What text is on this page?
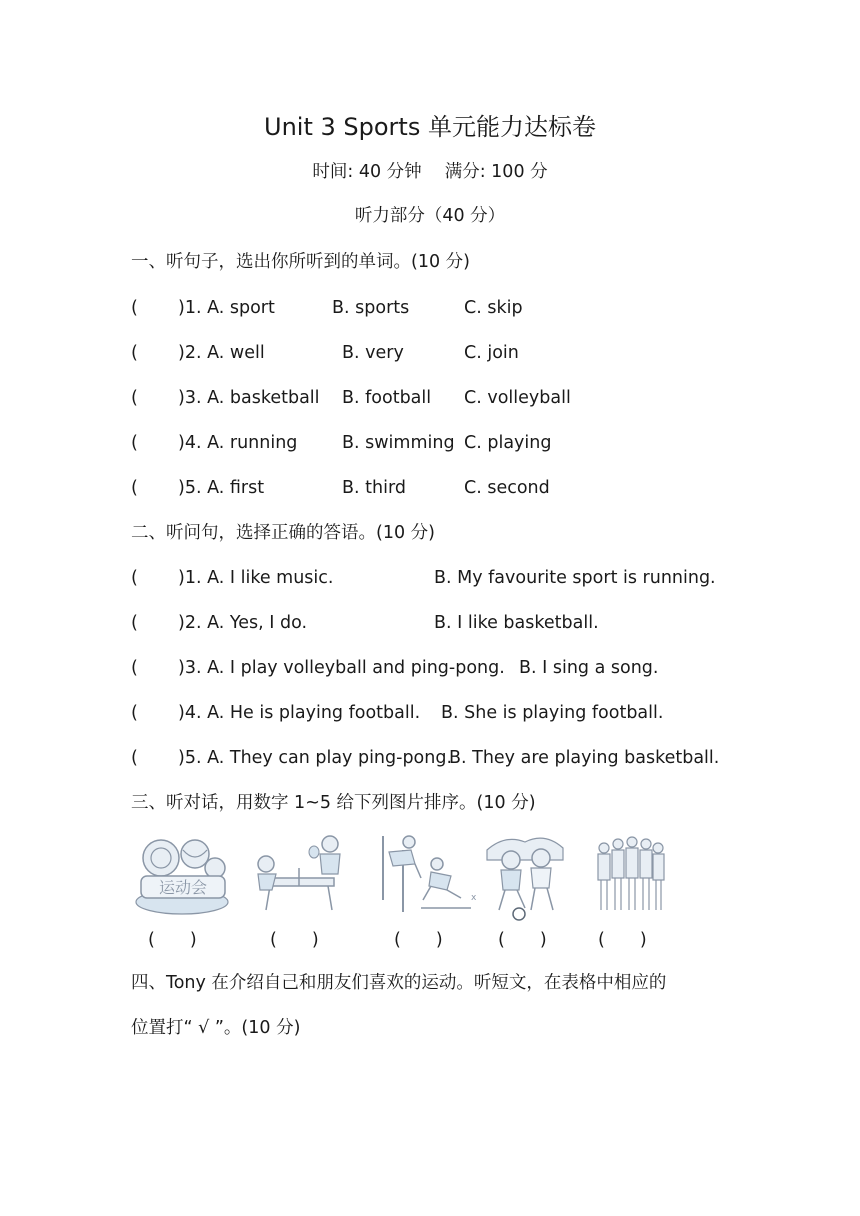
Unit 3 Sports 单元能力达标卷
时间: 40 分钟　 满分: 100 分
听力部分（40 分）
一、听句子，选出你所听到的单词。(10 分)
( )1. A. sport	B. sports	C. skip
( )2. A. well	B. very	C. join
( )3. A. basketball B. football C. volleyball
( )4. A. running	B. swimming C. playing
( )5. A. first	B. third	C. second
二、听问句，选择正确的答语。(10 分)
( )1. A. I like music.	B. My favourite sport is running.
( )2. A. Yes, I do.	B. I like basketball.
( )3. A. I play volleyball and ping-pong. B. I sing a song.
( )4. A. He is playing football. B. She is playing football.
( )5. A. They can play ping-pong.
B. They are playing basketball.
三、听对话，用数字 1~5 给下列图片排序。(10 分)
运动会
x
(　　)	(　　)	(　　)	(　　)	(　　)
四、Tony 在介绍自己和朋友们喜欢的运动。听短文，在表格中相应的
位置打“ √ ”。(10 分)
